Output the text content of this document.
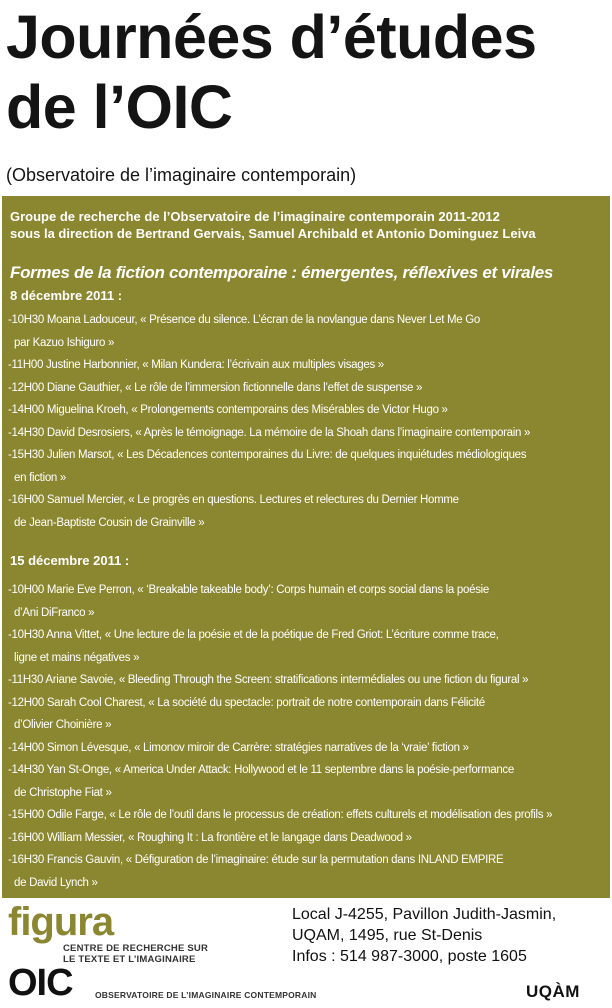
Journées d’études
de l’OIC
(Observatoire de l’imaginaire contemporain)
Groupe de recherche de l’Observatoire de l’imaginaire contemporain 2011-2012
sous la direction de Bertrand Gervais, Samuel Archibald et Antonio Dominguez Leiva
Formes de la fiction contemporaine : émergentes, réflexives et virales
8 décembre 2011 :
-10H30 Moana Ladouceur, « Présence du silence. L’écran de la novlangue dans Never Let Me Go
par Kazuo Ishiguro »
-11H00 Justine Harbonnier, « Milan Kundera: l’écrivain aux multiples visages »
-12H00 Diane Gauthier, « Le rôle de l’immersion fictionnelle dans l’effet de suspense »
-14H00 Miguelina Kroeh, « Prolongements contemporains des Misérables de Victor Hugo »
-14H30 David Desrosiers, « Après le témoignage. La mémoire de la Shoah dans l’imaginaire contemporain »
-15H30 Julien Marsot, « Les Décadences contemporaines du Livre: de quelques inquiétudes médiologiques
en fiction »
-16H00 Samuel Mercier, « Le progrès en questions. Lectures et relectures du Dernier Homme
de Jean-Baptiste Cousin de Grainville »
15 décembre 2011 :
-10H00 Marie Eve Perron, « ‘Breakable takeable body’: Corps humain et corps social dans la poésie
d’Ani DiFranco »
-10H30 Anna Vittet, « Une lecture de la poésie et de la poétique de Fred Griot: L’écriture comme trace,
ligne et mains négatives »
-11H30 Ariane Savoie, « Bleeding Through the Screen: stratifications intermédiales ou une fiction du figural »
-12H00 Sarah Cool Charest, « La société du spectacle: portrait de notre contemporain dans Félicité
d’Olivier Choinière »
-14H00 Simon Lévesque, « Limonov miroir de Carrère: stratégies narratives de la ‘vraie’ fiction »
-14H30 Yan St-Onge, « America Under Attack: Hollywood et le 11 septembre dans la poésie-performance
de Christophe Fiat »
-15H00 Odile Farge, « Le rôle de l’outil dans le processus de création: effets culturels et modélisation des profils »
-16H00 William Messier, « Roughing It : La frontière et le langage dans Deadwood »
-16H30 Francis Gauvin, « Défiguration de l’imaginaire: étude sur la permutation dans INLAND EMPIRE
de David Lynch »
figura
CENTRE DE RECHERCHE SUR
LE TEXTE ET L’IMAGINAIRE
OIC	OBSERVATOIRE DE L’IMAGINAIRE CONTEMPORAIN
Local J-4255, Pavillon Judith-Jasmin,
UQAM, 1495, rue St-Denis
Infos : 514 987-3000, poste 1605
UQÀM
